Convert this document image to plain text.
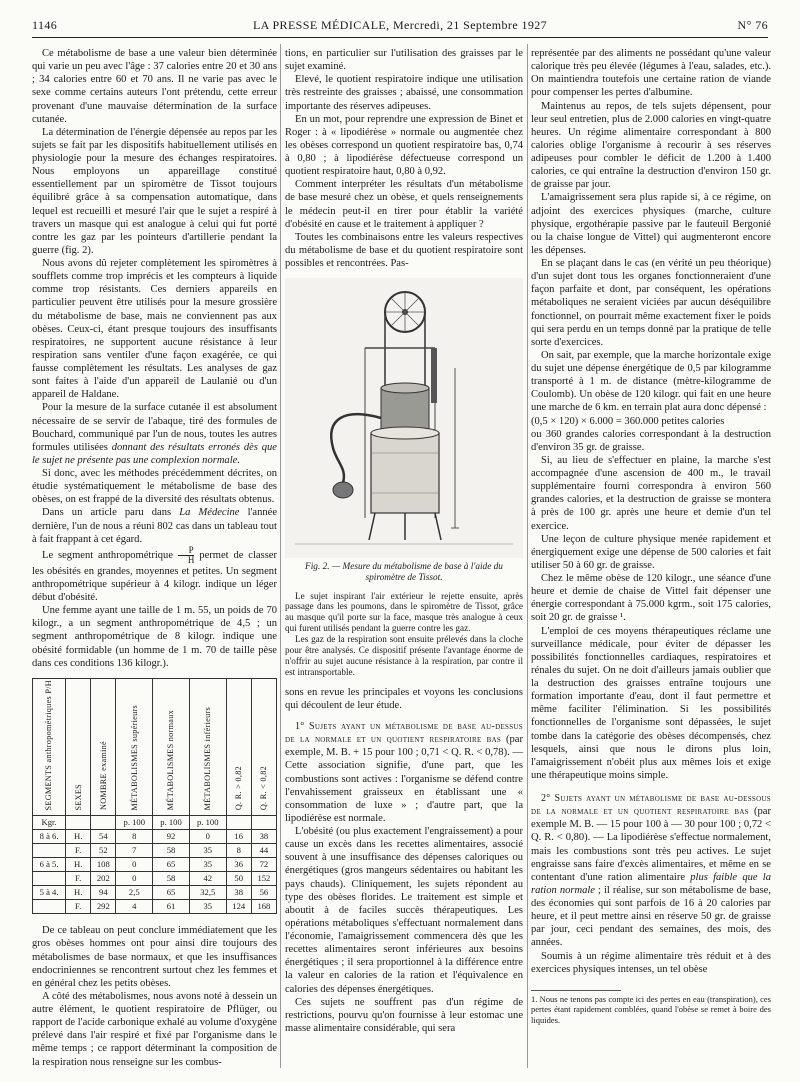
1146	LA PRESSE MÉDICALE, Mercredi, 21 Septembre 1927	N° 76

Ce métabolisme de base a une valeur bien déterminée qui varie un peu avec l'âge : 37 calories entre 20 et 30 ans ; 34 calories entre 60 et 70 ans. Il ne varie pas avec le sexe comme certains auteurs l'ont prétendu, cette erreur provenant d'une mauvaise détermination de la surface cutanée.

La détermination de l'énergie dépensée au repos par les sujets se fait par les dispositifs habituellement utilisés en physiologie pour la mesure des échanges respiratoires. Nous employons un appareillage constitué essentiellement par un spiromètre de Tissot toujours équilibré grâce à sa compensation automatique, dans lequel est recueilli et mesuré l'air que le sujet a respiré à travers un masque qui est analogue à celui qui fut porté contre les gaz par les pointeurs d'artillerie pendant la guerre (fig. 2).

Nous avons dû rejeter complètement les spiromètres à soufflets comme trop imprécis et les compteurs à liquide comme trop résistants. Ces derniers appareils en particulier peuvent être utilisés pour la mesure grossière du métabolisme de base, mais ne conviennent pas aux obèses. Ceux-ci, étant presque toujours des insuffisants respiratoires, ne supportent aucune résistance à leur respiration sans ventiler d'une façon exagérée, ce qui fausse complètement les résultats. Les analyses de gaz sont faites à l'aide d'un appareil de Laulanié ou d'un appareil de Haldane.

Pour la mesure de la surface cutanée il est absolument nécessaire de se servir de l'abaque, tiré des formules de Bouchard, communiqué par l'un de nous, toutes les autres formules utilisées donnant des résultats erronés dès que le sujet ne présente pas une complexion normale.

Si donc, avec les méthodes précédemment décrites, on étudie systématiquement le métabolisme de base des obèses, on est frappé de la diversité des résultats obtenus.

Dans un article paru dans La Médecine l'année dernière, l'un de nous a réuni 802 cas dans un tableau tout à fait frappant à cet égard.

Le segment anthropométrique $\frac{P}{H}$ permet de classer les obésités en grandes, moyennes et petites. Un segment anthropométrique supérieur à 4 kilogr. indique un léger début d'obésité.

Une femme ayant une taille de 1 m. 55, un poids de 70 kilogr., a un segment anthropométrique de 4,5 ; un segment anthropométrique de 8 kilogr. indique une obésité formidable (un homme de 1 m. 70 de taille pèse dans ces conditions 136 kilogr.).

SEGMENTS anthropométriques P/H	SEXES	NOMBRE examiné	MÉTABOLISMES supérieurs	MÉTABOLISMES normaux	MÉTABOLISMES inférieurs	Q. R. > 0,82	Q. R. < 0,82
Kgr.			p. 100	p. 100	p. 100		
8 à 6.	H.	54	8	92	0	16	38
	F.	52	7	58	35	8	44
6 à 5.	H.	108	0	65	35	36	72
	F.	202	0	58	42	50	152
5 à 4.	H.	94	2,5	65	32,5	38	56
	F.	292	4	61	35	124	168

De ce tableau on peut conclure immédiatement que les gros obèses hommes ont pour ainsi dire toujours des métabolismes de base normaux, et que les insuffisances endocriniennes se rencontrent surtout chez les femmes et en général chez les petits obèses.

A côté des métabolismes, nous avons noté à dessein un autre élément, le quotient respiratoire de Pflüger, ou rapport de l'acide carbonique exhalé au volume d'oxygène prélevé dans l'air respiré et fixé par l'organisme dans le même temps ; ce rapport déterminant la composition de la respiration nous renseigne sur les combus-

tions, en particulier sur l'utilisation des graisses par le sujet examiné.

Elevé, le quotient respiratoire indique une utilisation très restreinte des graisses ; abaissé, une consommation importante des réserves adipeuses.

En un mot, pour reprendre une expression de Binet et Roger : à « lipodiérèse » normale ou augmentée chez les obèses correspond un quotient respiratoire bas, 0,74 à 0,80 ; à lipodiérèse défectueuse correspond un quotient respiratoire haut, 0,80 à 0,92.

Comment interpréter les résultats d'un métabolisme de base mesuré chez un obèse, et quels renseignements le médecin peut-il en tirer pour établir la variété d'obésité en cause et le traitement à appliquer ?

Toutes les combinaisons entre les valeurs respectives du métabolisme de base et du quotient respiratoire sont possibles et rencontrées. Pas-

Fig. 2. — Mesure du métabolisme de base à l'aide du spiromètre de Tissot.

Le sujet inspirant l'air extérieur le rejette ensuite, après passage dans les poumons, dans le spiromètre de Tissot, grâce au masque qu'il porte sur la face, masque très analogue à ceux qui furent utilisés pendant la guerre contre les gaz.

Les gaz de la respiration sont ensuite prélevés dans la cloche pour être analysés. Ce dispositif présente l'avantage énorme de n'offrir au sujet aucune résistance à la respiration, par contre il est intransportable.

sons en revue les principales et voyons les conclusions qui découlent de leur étude.

1° Sujets ayant un métabolisme de base au-dessus de la normale et un quotient respiratoire bas (par exemple, M. B. + 15 pour 100 ; 0,71 < Q. R. < 0,78). — Cette association signifie, d'une part, que les combustions sont actives : l'organisme se défend contre l'envahissement graisseux en établissant une « consommation de luxe » ; d'autre part, que la lipodiérèse est normale.

L'obésité (ou plus exactement l'engraissement) a pour cause un excès dans les recettes alimentaires, associé souvent à une insuffisance des dépenses caloriques ou énergétiques (gros mangeurs sédentaires ou habitant les pays chauds). Cliniquement, les sujets répondent au type des obèses florides. Le traitement est simple et aboutit à de faciles succès thérapeutiques. Les opérations métaboliques s'effectuant normalement dans l'économie, l'amaigrissement commencera dès que les recettes alimentaires seront inférieures aux besoins énergétiques ; il sera proportionnel à la différence entre la valeur en calories de la ration et l'équivalence en calories des dépenses énergétiques.

Ces sujets ne souffrent pas d'un régime de restrictions, pourvu qu'on fournisse à leur estomac une masse alimentaire considérable, qui sera

représentée par des aliments ne possédant qu'une valeur calorique très peu élevée (légumes à l'eau, salades, etc.). On maintiendra toutefois une certaine ration de viande pour compenser les pertes d'albumine.

Maintenus au repos, de tels sujets dépensent, pour leur seul entretien, plus de 2.000 calories en vingt-quatre heures. Un régime alimentaire correspondant à 800 calories oblige l'organisme à recourir à ses réserves adipeuses pour combler le déficit de 1.200 à 1.400 calories, ce qui entraîne la destruction d'environ 150 gr. de graisse par jour.

L'amaigrissement sera plus rapide si, à ce régime, on adjoint des exercices physiques (marche, culture physique, ergothérapie passive par le fauteuil Bergonié ou la chaise longue de Vittel) qui augmenteront encore les dépenses.

En se plaçant dans le cas (en vérité un peu théorique) d'un sujet dont tous les organes fonctionneraient d'une façon parfaite et dont, par conséquent, les opérations métaboliques ne seraient viciées par aucun déséquilibre fonctionnel, on pourrait même exactement fixer le poids qui sera perdu en un temps donné par la pratique de telle sorte d'exercices.

On sait, par exemple, que la marche horizontale exige du sujet une dépense énergétique de 0,5 par kilogramme transporté à 1 m. de distance (mètre-kilogramme de Coulomb). Un obèse de 120 kilogr. qui fait en une heure une marche de 6 km. en terrain plat aura donc dépensé :

(0,5 × 120) × 6.000 = 360.000 petites calories

ou 360 grandes calories correspondant à la destruction d'environ 35 gr. de graisse.

Si, au lieu de s'effectuer en plaine, la marche s'est accompagnée d'une ascension de 400 m., le travail supplémentaire fourni correspondra à environ 560 grandes calories, et la destruction de graisse se montera à près de 100 gr. après une heure et demie d'un tel exercice.

Une leçon de culture physique menée rapidement et énergiquement exige une dépense de 500 calories et fait utiliser 50 à 60 gr. de graisse.

Chez le même obèse de 120 kilogr., une séance d'une heure et demie de chaise de Vittel fait dépenser une énergie correspondant à 75.000 kgrm., soit 175 calories, soit 20 gr. de graisse ¹.

L'emploi de ces moyens thérapeutiques réclame une surveillance médicale, pour éviter de dépasser les possibilités fonctionnelles cardiaques, respiratoires et rénales du sujet. On ne doit d'ailleurs jamais oublier que la destruction des graisses entraîne toujours une formation importante d'eau, dont il faut permettre et même faciliter l'élimination. Si les possibilités fonctionnelles de l'organisme sont dépassées, le sujet tombe dans la catégorie des obèses décompensés, chez lesquels, ainsi que nous le dirons plus loin, l'amaigrissement n'obéit plus aux mêmes lois et exige une thérapeutique moins simple.

2° Sujets ayant un métabolisme de base au-dessous de la normale et un quotient respiratoire bas (par exemple M. B. — 15 pour 100 à — 30 pour 100 ; 0,72 < Q. R. < 0,80). — La lipodiérèse s'effectue normalement, mais les combustions sont très peu actives. Le sujet engraisse sans faire d'excès alimentaires, et même en se contentant d'une ration alimentaire plus faible que la ration normale ; il réalise, sur son métabolisme de base, des économies qui sont parfois de 16 à 20 calories par heure, et il peut mettre ainsi en réserve 50 gr. de graisse par jour, ceci pendant des semaines, des mois, des années.

Soumis à un régime alimentaire très réduit et à des exercices physiques intenses, un tel obèse

1. Nous ne tenons pas compte ici des pertes en eau (transpiration), ces pertes étant rapidement comblées, quand l'obèse se remet à boire des liquides.
